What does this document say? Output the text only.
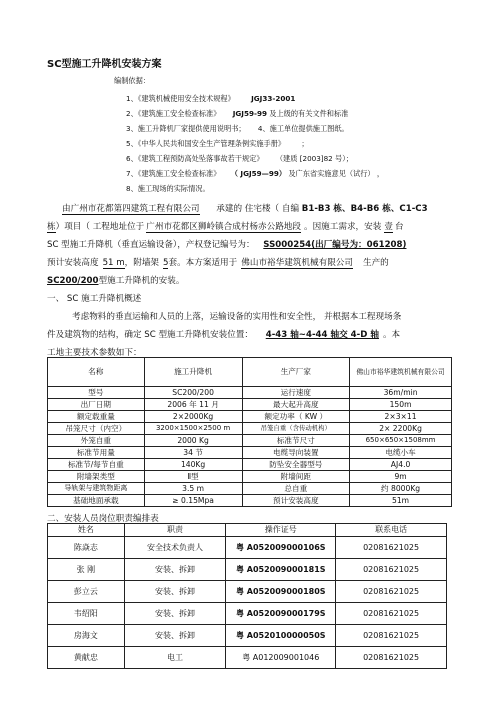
SC型施工升降机安装方案
编制依据：
1、《建筑机械使用安全技术规程》 JGJ33-2001
2、《建筑施工安全检查标准》 JGJ59-99 及上级的有关文件和标准
3、施工升降机厂家提供使用说明书； 4、施工单位提供施工图纸。
5、《中华人民共和国安全生产管理条例实施手册》 ；
6、《建筑工程预防高处坠落事故若干规定》 （建质 [2003]82 号）；
7、《建筑施工安全检查标准》 （ JGJ59—99） 及广东省实施意见（试行） ，
8、施工现场的实际情况。
由广州市花都第四建筑工程有限公司 承建的 住宅楼（ 自编 B1-B3 栋、B4-B6 栋、C1-C3
栋）项目（ 工程地址位于 广州市花都区狮岭镇合成村杨赤公路地段 。因施工需求，安装 壹 台
SC 型施工升降机（垂直运输设备），产权登记编号为： SS000254(出厂编号为：061208)
预计安装高度 51 m，附墙架 5套。本方案适用于 佛山市裕华建筑机械有限公司 生产的
SC200/200型施工升降机的安装。
一、 SC 施工升降机概述
考虑物料的垂直运输和人员的上落，运输设备的实用性和安全性， 并根据本工程现场条
件及建筑物的结构，确定 SC 型施工升降机安装位置： 4-43 轴~4-44 轴交 4-D 轴 。本
工地主要技术参数如下：
名称	施工升降机	生产厂家	佛山市裕华建筑机械有限公司
型号	SC200/200	运行速度	36m/min
出厂日期	2006 年 11 月	最大起升高度	150m
额定载重量	2×2000Kg	额定功率（ KW ）	2×3×11
吊笼尺寸（内空）	3200×1500×2500 m	吊笼自重（含传动机构）	2× 2200Kg
外笼自重	2000 Kg	标准节尺寸	650×650×1508mm
标准节用量	34 节	电缆导向装置	电缆小车
标准节/每节自重	140Kg	防坠安全器型号	AJ4.0
附墙架类型	Ⅱ型	附墙间距	9m
导轨架与建筑物距离	3.5 m	总自重	约 8000Kg
基础地面承载	≥ 0.15Mpa	预计安装高度	51m
二、安装人员岗位职责编排表
姓名	职责	操作证号	联系电话
陈焱志	安全技术负责人	粤 A052009000106S	02081621025
张 刚	安装、拆卸	粤 A052009000181S	02081621025
彭立云	安装、拆卸	粤 A052009000180S	02081621025
韦绍阳	安装、拆卸	粤 A052009000179S	02081621025
房海文	安装、拆卸	粤 A052010000050S	02081621025
黄献忠	电工	粤 A012009001046	02081621025
